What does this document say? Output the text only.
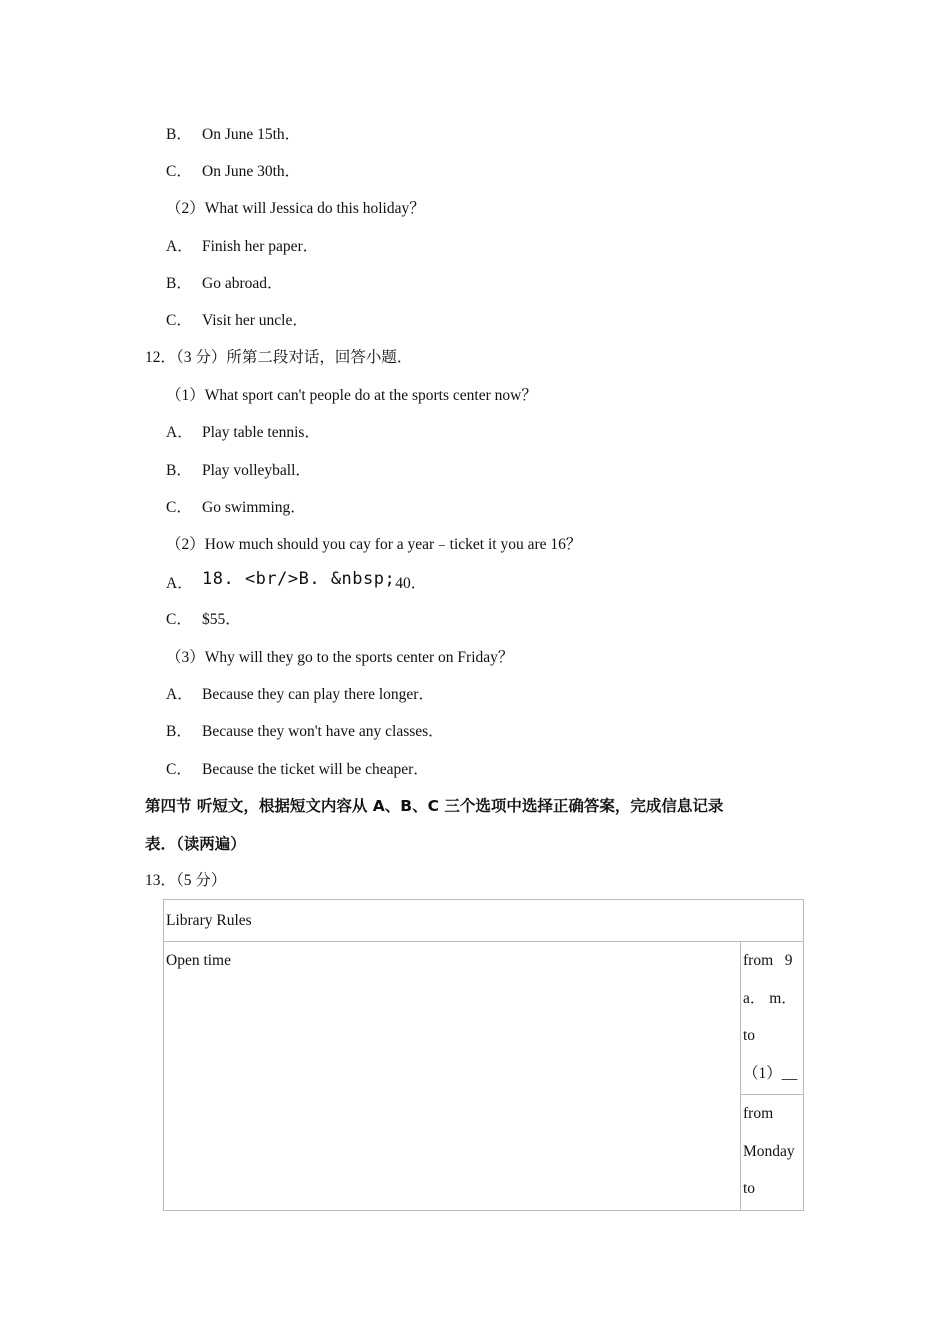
B． On June 15th．
C． On June 30th．
（2）What will Jessica do this holiday？
A． Finish her paper．
B． Go abroad．
C． Visit her uncle．
12．（3 分）所第二段对话，回答小题．
（1）What sport can't people do at the sports center now？
A． Play table tennis．
B． Play volleyball．
C． Go swimming．
（2）How much should you cay for a year﹣ticket it you are 16？
A． 18. <br/>B. &nbsp;40．
C． $55．
（3）Why will they go to the sports center on Friday？
A． Because they can play there longer．
B． Because they won't have any classes．
C． Because the ticket will be cheaper．
第四节 听短文，根据短文内容从 A、B、C 三个选项中选择正确答案，完成信息记录
表．（读两遍）
13．（5 分）
Library Rules

Open time	from   9
a． m．
to
（1）__

from
Monday
to
